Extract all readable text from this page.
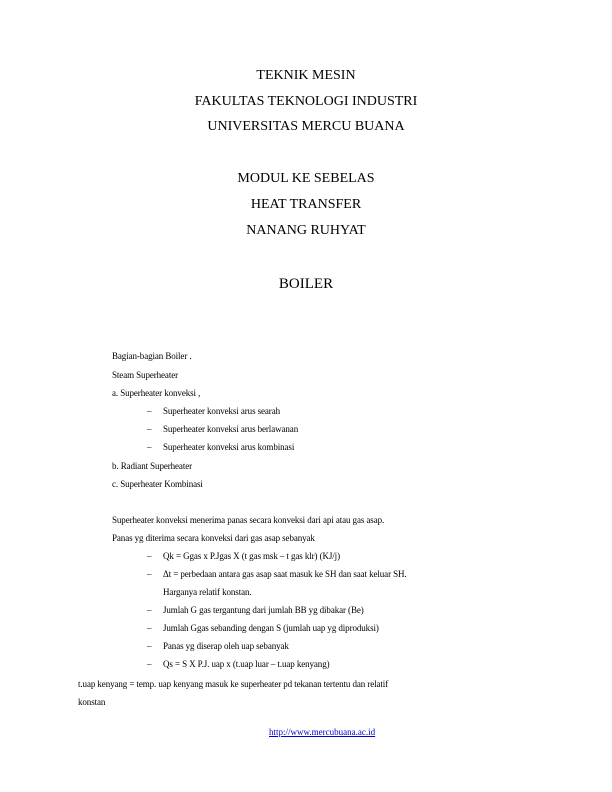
TEKNIK MESIN
FAKULTAS TEKNOLOGI INDUSTRI
UNIVERSITAS MERCU BUANA
MODUL KE SEBELAS
HEAT TRANSFER
NANANG RUHYAT
BOILER
Bagian-bagian Boiler .
Steam Superheater
a. Superheater konveksi ,
– Superheater konveksi arus searah
– Superheater konveksi arus berlawanan
– Superheater konveksi arus kombinasi
b. Radiant Superheater
c. Superheater Kombinasi
Superheater konveksi menerima panas secara konveksi dari api atau gas asap.
Panas yg diterima secara konveksi dari gas asap sebanyak
– Qk = Ggas x P.Jgas X (t gas msk – t gas klr) (KJ/j)
– Δt = perbedaan antara gas asap saat masuk ke SH dan saat keluar SH.
Harganya relatif konstan.
– Jumlah G gas tergantung dari jumlah BB yg dibakar (Be)
– Jumlah Ggas sebanding dengan S (jumlah uap yg diproduksi)
– Panas yg diserap oleh uap sebanyak
– Qs = S X P.J. uap x (t.uap luar – t.uap kenyang)
t.uap kenyang = temp. uap kenyang masuk ke superheater pd tekanan tertentu dan relatif
konstan
http://www.mercubuana.ac.id
